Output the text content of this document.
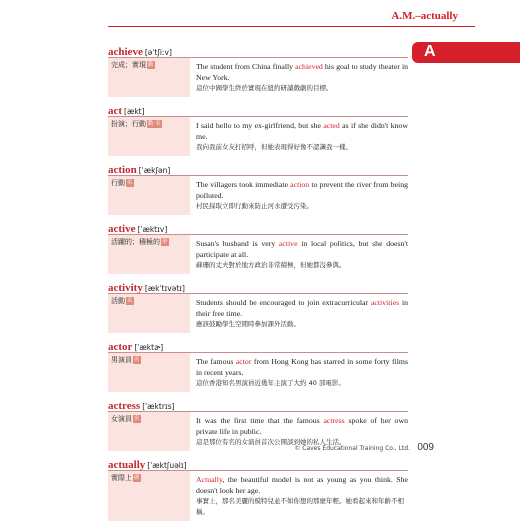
A.M.–actually
A
achieve [əˈtʃiːv]
完成；實現 動	The student from China finally achieved his goal to study theater in New York.
這位中國學生終於實現在紐約研讀戲劇的目標。
act [ækt]
扮演；行動 動 名	I said hello to my ex-girlfriend, but she acted as if she didn't know me.
我向我前女友打招呼，但她表現得好像不認識我一樣。
action [ˈækʃən]
行動 名	The villagers took immediate action to prevent the river from being polluted.
村民採取立即行動來防止河水遭受污染。
active [ˈæktɪv]
活躍的；積極的 形	Susan's husband is very active in local politics, but she doesn't participate at all.
蘇珊的丈夫對於地方政治非常積極，但她都沒參與。
activity [ækˈtɪvətɪ]
活動 名	Students should be encouraged to join extracurricular activities in their free time.
應該鼓勵學生空閒時參加課外活動。
actor [ˈæktɚ]
男演員 名	The famous actor from Hong Kong has starred in some forty films in recent years.
這位香港知名男演員近幾年主演了大約 40 部電影。
actress [ˈæktrɪs]
女演員 名	It was the first time that the famous actress spoke of her own private life in public.
這是那位有名的女演員首次公開談到她的私人生活。
actually [ˈæktʃuəlɪ]
實際上 副	Actually, the beautiful model is not as young as you think. She doesn't look her age.
事實上，那名美麗的模特兒並不如你想的那麼年輕。她看起來和年齡不相稱。
© Caves Educational Training Co., Ltd. 009
